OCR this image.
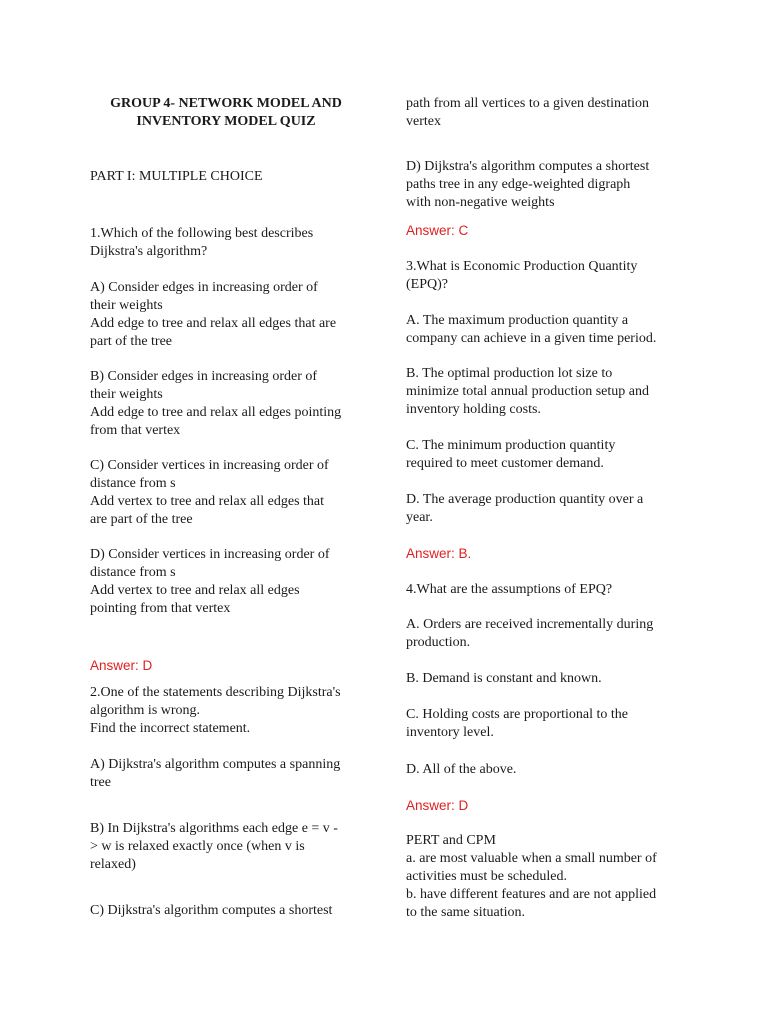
GROUP 4- NETWORK MODEL AND INVENTORY MODEL QUIZ

PART I: MULTIPLE CHOICE

1.Which of the following best describes
Dijkstra's algorithm?

A) Consider edges in increasing order of
their weights
Add edge to tree and relax all edges that are
part of the tree

B) Consider edges in increasing order of
their weights
Add edge to tree and relax all edges pointing
from that vertex

C) Consider vertices in increasing order of
distance from s
Add vertex to tree and relax all edges that
are part of the tree

D) Consider vertices in increasing order of
distance from s
Add vertex to tree and relax all edges
pointing from that vertex

Answer: D

2.One of the statements describing Dijkstra's
algorithm is wrong.
Find the incorrect statement.

A) Dijkstra's algorithm computes a spanning
tree

B) In Dijkstra's algorithms each edge e = v -
> w is relaxed exactly once (when v is
relaxed)

C) Dijkstra's algorithm computes a shortest

path from all vertices to a given destination
vertex

D) Dijkstra's algorithm computes a shortest
paths tree in any edge-weighted digraph
with non-negative weights

Answer: C

3.What is Economic Production Quantity
(EPQ)?

A. The maximum production quantity a
company can achieve in a given time period.

B. The optimal production lot size to
minimize total annual production setup and
inventory holding costs.

C. The minimum production quantity
required to meet customer demand.

D. The average production quantity over a
year.

Answer: B.

4.What are the assumptions of EPQ?

A. Orders are received incrementally during
production.

B. Demand is constant and known.

C. Holding costs are proportional to the
inventory level.

D. All of the above.

Answer: D

PERT and CPM

a. are most valuable when a small number of
activities must be scheduled.

b. have different features and are not applied
to the same situation.
